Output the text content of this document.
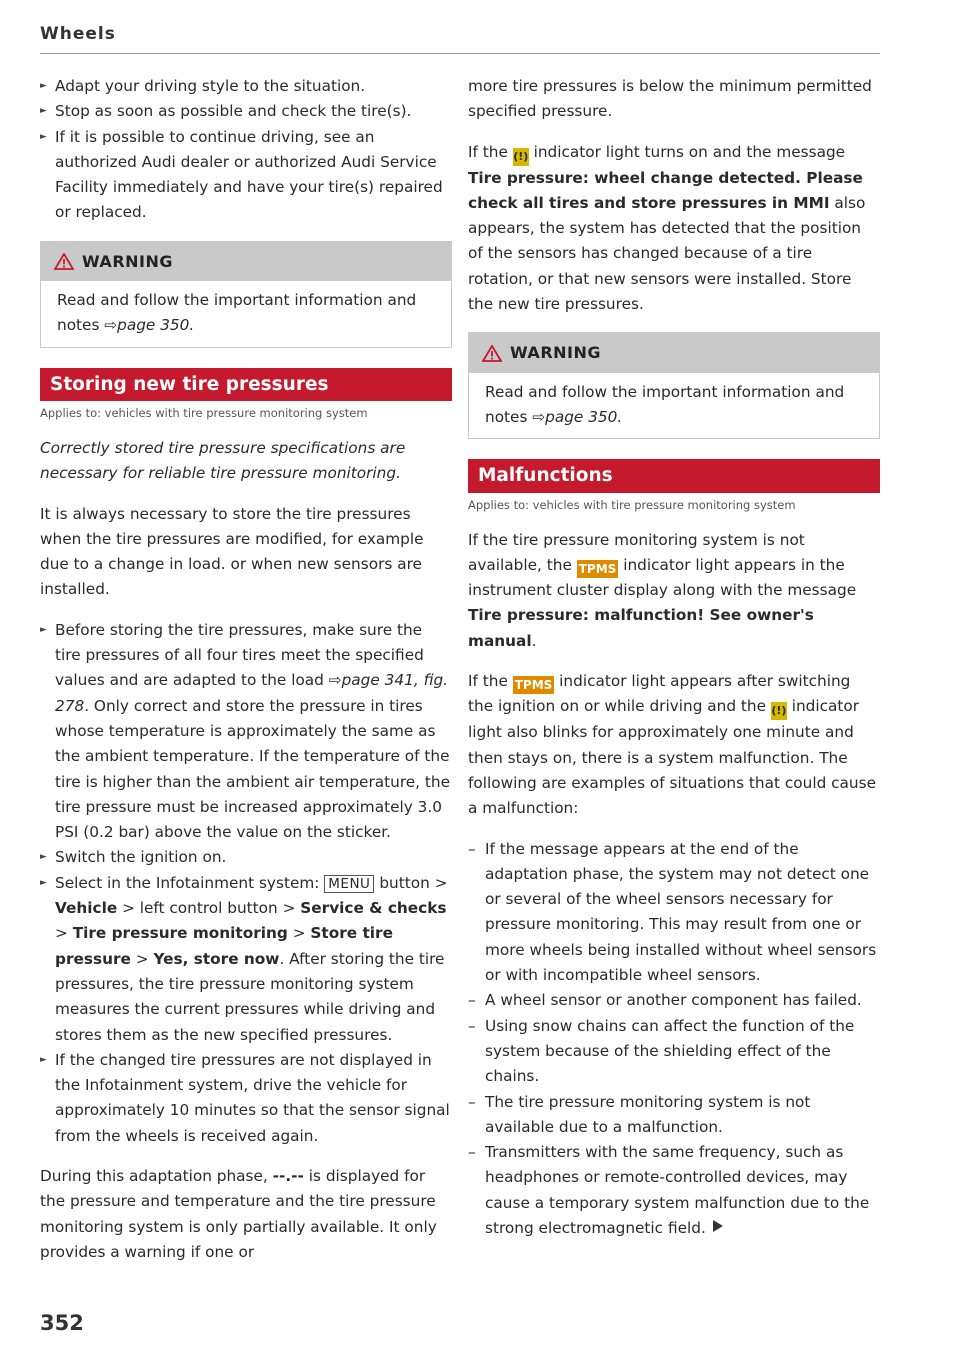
Wheels

► Adapt your driving style to the situation.

► Stop as soon as possible and check the tire(s).

► If it is possible to continue driving, see an authorized Audi dealer or authorized Audi Service Facility immediately and have your tire(s) repaired or replaced.

WARNING
Read and follow the important information and notes ⇨page 350.
Storing new tire pressures
Applies to: vehicles with tire pressure monitoring system

Correctly stored tire pressure specifications are necessary for reliable tire pressure monitoring.

It is always necessary to store the tire pressures when the tire pressures are modified, for example due to a change in load. or when new sensors are installed.

► Before storing the tire pressures, make sure the tire pressures of all four tires meet the specified values and are adapted to the load ⇨page 341, fig. 278. Only correct and store the pressure in tires whose temperature is approximately the same as the ambient temperature. If the temperature of the tire is higher than the ambient air temperature, the tire pressure must be increased approximately 3.0 PSI (0.2 bar) above the value on the sticker.

► Switch the ignition on.

► Select in the Infotainment system: MENU button > Vehicle > left control button > Service & checks > Tire pressure monitoring > Store tire pressure > Yes, store now. After storing the tire pressures, the tire pressure monitoring system measures the current pressures while driving and stores them as the new specified pressures.

► If the changed tire pressures are not displayed in the Infotainment system, drive the vehicle for approximately 10 minutes so that the sensor signal from the wheels is received again.

During this adaptation phase, --.-- is displayed for the pressure and temperature and the tire pressure monitoring system is only partially available. It only provides a warning if one or

more tire pressures is below the minimum permitted specified pressure.

If the (!) indicator light turns on and the message Tire pressure: wheel change detected. Please check all tires and store pressures in MMI also appears, the system has detected that the position of the sensors has changed because of a tire rotation, or that new sensors were installed. Store the new tire pressures.

WARNING
Read and follow the important information and notes ⇨page 350.
Malfunctions
Applies to: vehicles with tire pressure monitoring system

If the tire pressure monitoring system is not available, the TPMS indicator light appears in the instrument cluster display along with the message Tire pressure: malfunction! See owner's manual.

If the TPMS indicator light appears after switching the ignition on or while driving and the (!) indicator light also blinks for approximately one minute and then stays on, there is a system malfunction. The following are examples of situations that could cause a malfunction:

– If the message appears at the end of the adaptation phase, the system may not detect one or several of the wheel sensors necessary for pressure monitoring. This may result from one or more wheels being installed without wheel sensors or with incompatible wheel sensors.

– A wheel sensor or another component has failed.

– Using snow chains can affect the function of the system because of the shielding effect of the chains.

– The tire pressure monitoring system is not available due to a malfunction.

– Transmitters with the same frequency, such as headphones or remote-controlled devices, may cause a temporary system malfunction due to the strong electromagnetic field.

352
